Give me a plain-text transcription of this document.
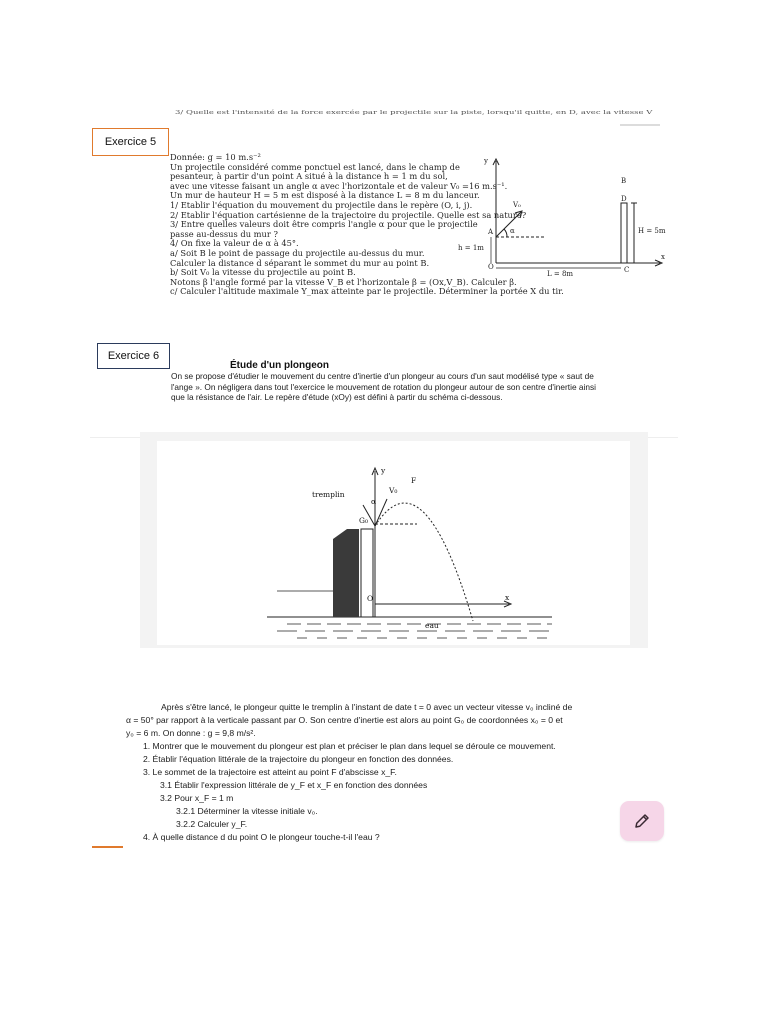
3/ Quelle est l'intensité de la force exercée par le projectile sur la piste, lorsqu'il quitte, en D, avec la vitesse V
Exercice 5
Donnée: g = 10 m.s⁻²
Un projectile considéré comme ponctuel est lancé, dans le champ de
pesanteur, à partir d'un point A situé à la distance h = 1 m du sol,
avec une vitesse faisant un angle α avec l'horizontale et de valeur V₀ =16 m.s⁻¹.
Un mur de hauteur H = 5 m est disposé à la distance L = 8 m du lanceur.
1/ Etablir l'équation du mouvement du projectile dans le repère (O, i, j).
2/ Etablir l'équation cartésienne de la trajectoire du projectile. Quelle est sa nature?
3/ Entre quelles valeurs doit être compris l'angle α pour que le projectile
passe au-dessus du mur ?
4/ On fixe la valeur de α à 45°.
a/ Soit B le point de passage du projectile au-dessus du mur.
Calculer la distance d séparant le sommet du mur au point B.
b/ Soit V₀ la vitesse du projectile au point B.
Notons β l'angle formé par la vitesse V_B et l'horizontale β = (Ox,V_B). Calculer β.
c/ Calculer l'altitude maximale Y_max atteinte par le projectile. Déterminer la portée X du tir.
y
x
O
A
B
D
C
V₀
α
h = 1m
H = 5m
L = 8m
Exercice 6
Étude d'un plongeon
On se propose d'étudier le mouvement du centre d'inertie d'un plongeur au cours d'un saut modélisé type « saut de
l'ange ». On négligera dans tout l'exercice le mouvement de rotation du plongeur autour de son centre d'inertie ainsi
que la résistance de l'air. Le repère d'étude (xOy) est défini à partir du schéma ci-dessous.
tremplin
y
x
O
F
G₀
α
V₀
eau
Après s'être lancé, le plongeur quitte le tremplin à l'instant de date t = 0 avec un vecteur vitesse v₀ incliné de
α = 50° par rapport à la verticale passant par O. Son centre d'inertie est alors au point G₀ de coordonnées x₀ = 0 et
y₀ = 6 m. On donne : g = 9,8 m/s².
1. Montrer que le mouvement du plongeur est plan et préciser le plan dans lequel se déroule ce mouvement.
2. Établir l'équation littérale de la trajectoire du plongeur en fonction des données.
3. Le sommet de la trajectoire est atteint au point F d'abscisse x_F.
3.1 Établir l'expression littérale de y_F et x_F en fonction des données
3.2 Pour x_F = 1 m
3.2.1 Déterminer la vitesse initiale v₀.
3.2.2 Calculer y_F.
4. À quelle distance d du point O le plongeur touche-t-il l'eau ?
